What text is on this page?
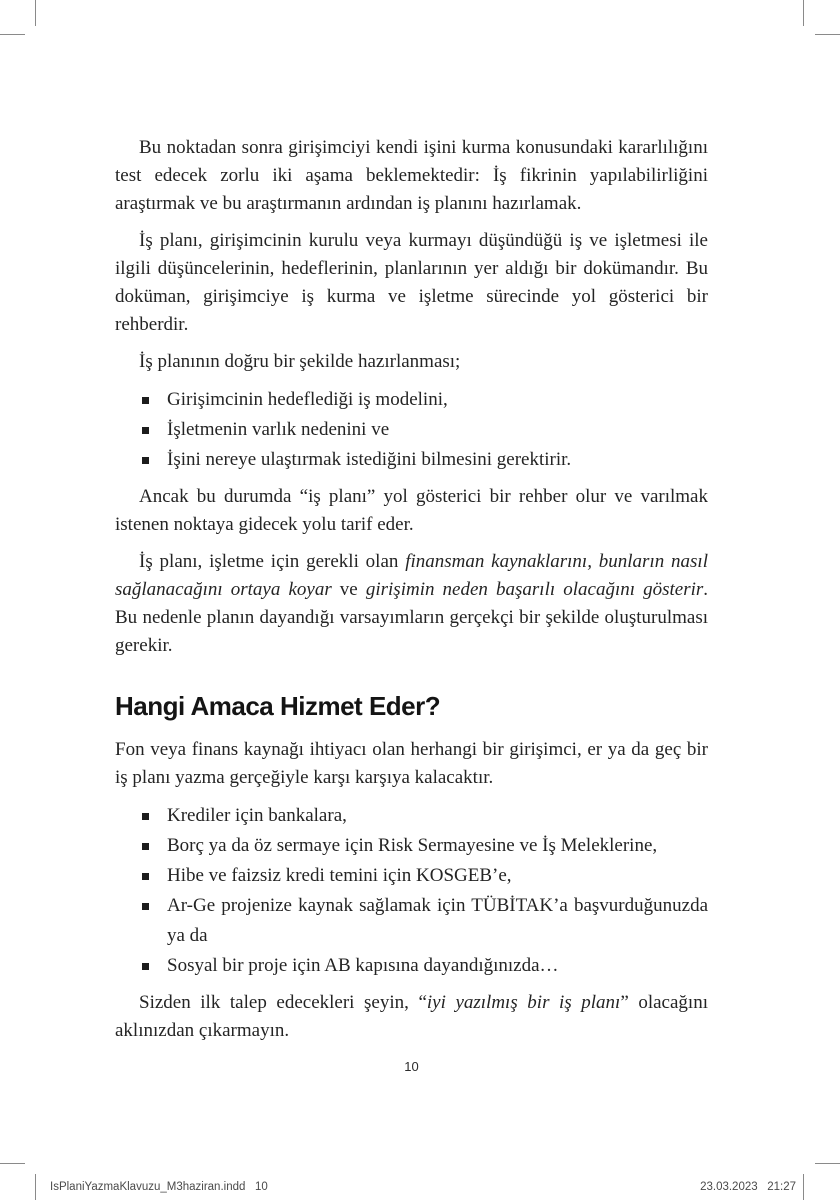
Bu noktadan sonra girişimciyi kendi işini kurma konusundaki kararlılığını test edecek zorlu iki aşama beklemektedir: İş fikrinin yapılabilirliğini araştırmak ve bu araştırmanın ardından iş planını hazırlamak.

İş planı, girişimcinin kurulu veya kurmayı düşündüğü iş ve işletmesi ile ilgili düşüncelerinin, hedeflerinin, planlarının yer aldığı bir dokümandır. Bu doküman, girişimciye iş kurma ve işletme sürecinde yol gösterici bir rehberdir.

İş planının doğru bir şekilde hazırlanması;

Girişimcinin hedeflediği iş modelini,
İşletmenin varlık nedenini ve
İşini nereye ulaştırmak istediğini bilmesini gerektirir.

Ancak bu durumda “iş planı” yol gösterici bir rehber olur ve varılmak istenen noktaya gidecek yolu tarif eder.

İş planı, işletme için gerekli olan finansman kaynaklarını, bunların nasıl sağlanacağını ortaya koyar ve girişimin neden başarılı olacağını gösterir. Bu nedenle planın dayandığı varsayımların gerçekçi bir şekilde oluşturulması gerekir.

Hangi Amaca Hizmet Eder?

Fon veya finans kaynağı ihtiyacı olan herhangi bir girişimci, er ya da geç bir iş planı yazma gerçeğiyle karşı karşıya kalacaktır.

Krediler için bankalara,
Borç ya da öz sermaye için Risk Sermayesine ve İş Meleklerine,
Hibe ve faizsiz kredi temini için KOSGEB’e,
Ar-Ge projenize kaynak sağlamak için TÜBİTAK’a başvurduğunuzda ya da
Sosyal bir proje için AB kapısına dayandığınızda…

Sizden ilk talep edecekleri şeyin, “iyi yazılmış bir iş planı” olacağını aklınızdan çıkarmayın.

10
IsPlaniYazmaKlavuzu_M3haziran.indd   10	23.03.2023   21:27
